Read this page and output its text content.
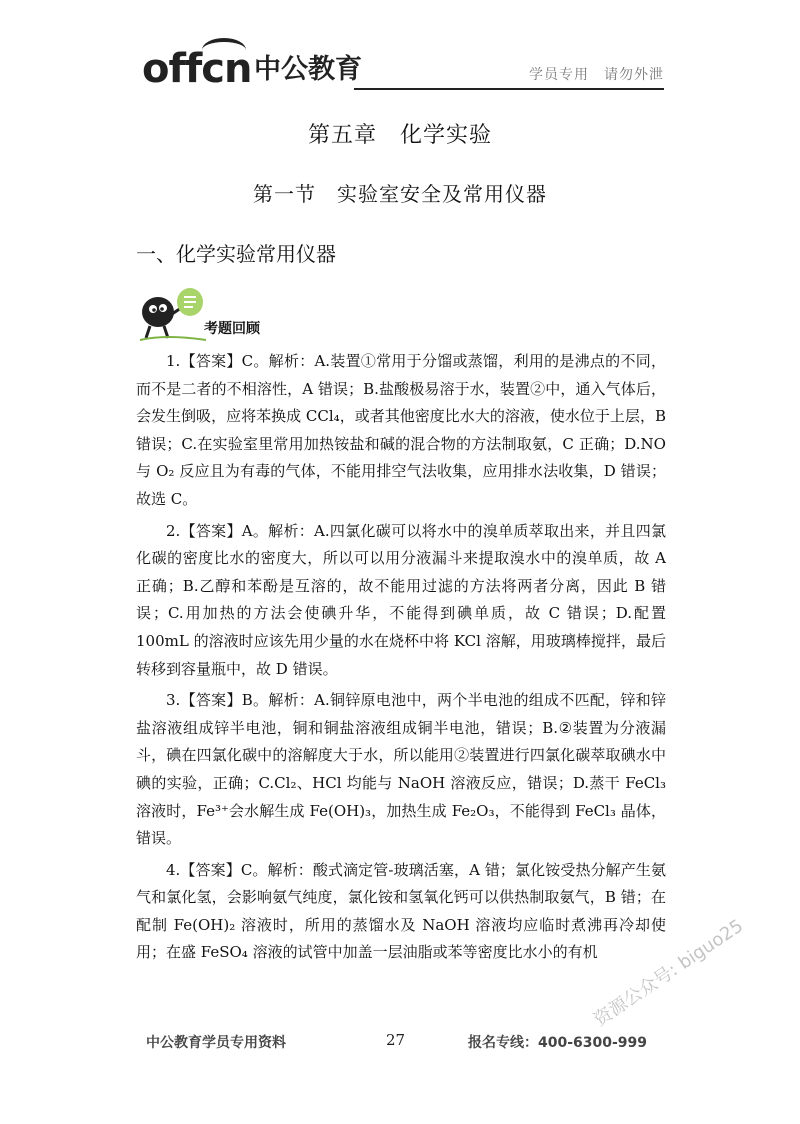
offcn 中公教育	学员专用　请勿外泄
第五章　化学实验
第一节　实验室安全及常用仪器
一、化学实验常用仪器
考题回顾

1.【答案】C。解析：A.装置①常用于分馏或蒸馏，利用的是沸点的不同，而不是二者的不相溶性，A 错误；B.盐酸极易溶于水，装置②中，通入气体后，会发生倒吸，应将苯换成 CCl₄，或者其他密度比水大的溶液，使水位于上层，B 错误；C.在实验室里常用加热铵盐和碱的混合物的方法制取氨，C 正确；D.NO 与 O₂ 反应且为有毒的气体，不能用排空气法收集，应用排水法收集，D 错误；故选 C。

2.【答案】A。解析：A.四氯化碳可以将水中的溴单质萃取出来，并且四氯化碳的密度比水的密度大，所以可以用分液漏斗来提取溴水中的溴单质，故 A 正确；B.乙醇和苯酚是互溶的，故不能用过滤的方法将两者分离，因此 B 错误；C.用加热的方法会使碘升华，不能得到碘单质，故 C 错误；D.配置 100mL 的溶液时应该先用少量的水在烧杯中将 KCl 溶解，用玻璃棒搅拌，最后转移到容量瓶中，故 D 错误。

3.【答案】B。解析：A.铜锌原电池中，两个半电池的组成不匹配，锌和锌盐溶液组成锌半电池，铜和铜盐溶液组成铜半电池，错误；B.②装置为分液漏斗，碘在四氯化碳中的溶解度大于水，所以能用②装置进行四氯化碳萃取碘水中碘的实验，正确；C.Cl₂、HCl 均能与 NaOH 溶液反应，错误；D.蒸干 FeCl₃ 溶液时，Fe³⁺会水解生成 Fe(OH)₃，加热生成 Fe₂O₃，不能得到 FeCl₃ 晶体，错误。

4.【答案】C。解析：酸式滴定管-玻璃活塞，A 错；氯化铵受热分解产生氨气和氯化氢，会影响氨气纯度，氯化铵和氢氧化钙可以供热制取氨气，B 错；在配制 Fe(OH)₂ 溶液时，所用的蒸馏水及 NaOH 溶液均应临时煮沸再冷却使用；在盛 FeSO₄ 溶液的试管中加盖一层油脂或苯等密度比水小的有机

中公教育学员专用资料	27	报名专线：400-6300-999
资源公众号: biguo25
